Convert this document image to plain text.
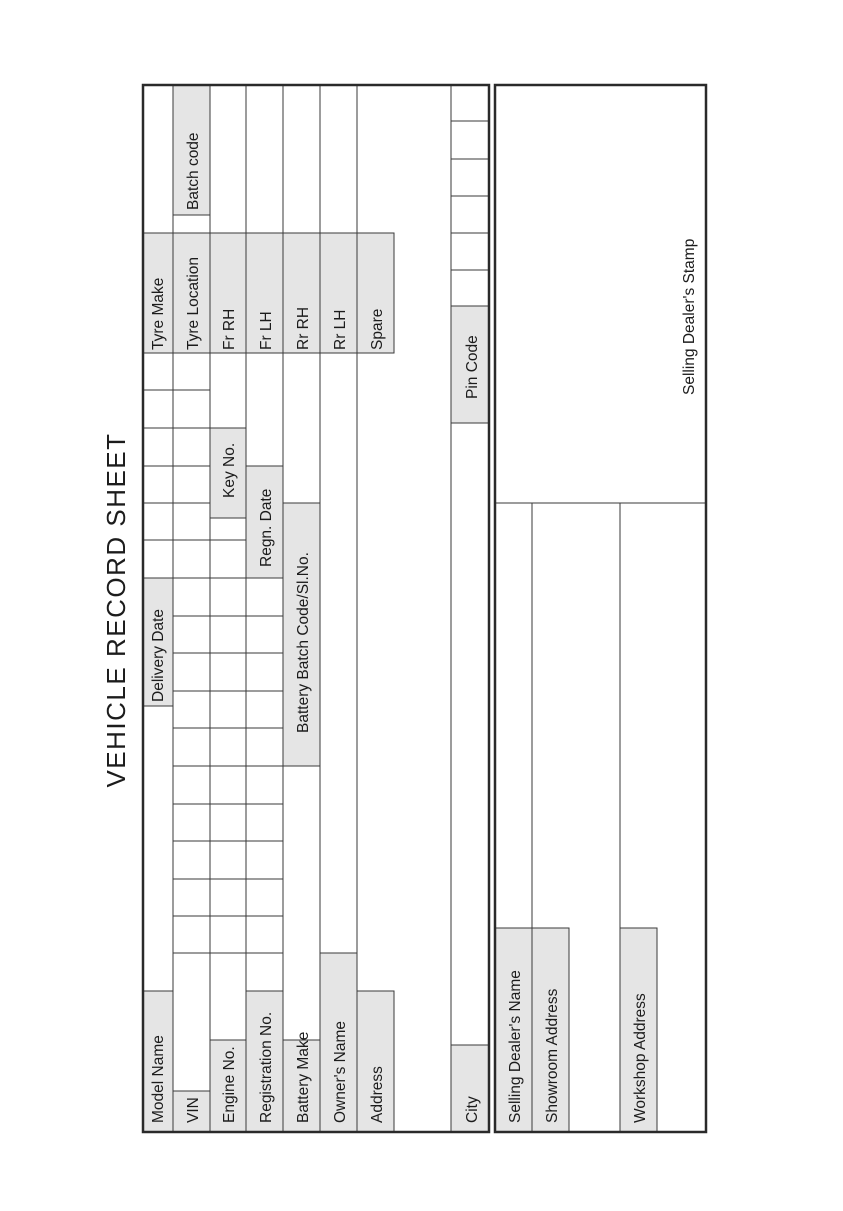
VEHICLE RECORD SHEET
Model Name VIN Engine No. Registration No. Battery Make Owner's Name Address	City
Delivery Date
Key No.
Regn. Date
Battery Batch Code/Sl.No.
Pin Code
Tyre Make Tyre Location
Batch code
Fr RH Fr LH Rr RH Rr LH Spare
Selling Dealer's Name Showroom Address	Workshop Address
Selling Dealer's Stamp
